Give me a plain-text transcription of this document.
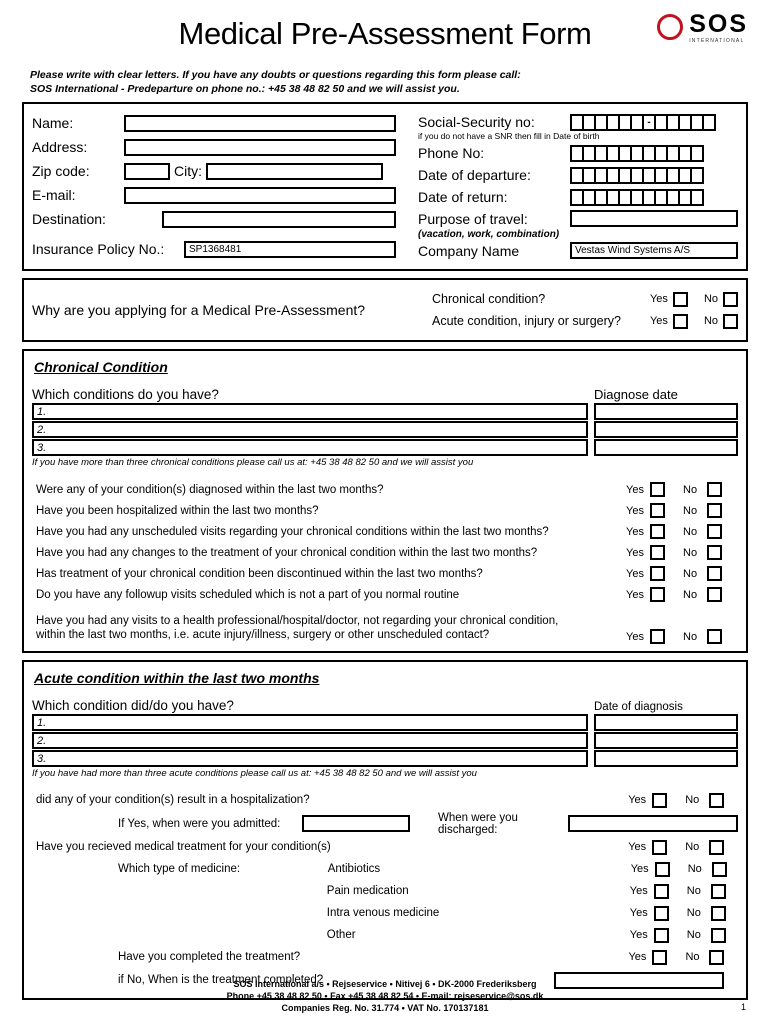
Medical Pre-Assessment Form	SOS
INTERNATIONAL
Please write with clear letters. If you have any doubts or questions regarding this form please call:
SOS International - Predeparture on phone no.: +45 38 48 82 50 and we will assist you.
Name:
Address:
Zip code:	City:
E-mail:
Destination:
Insurance Policy No.:	SP1368481
Social-Security no:	-
if you do not have a SNR then fill in Date of birth
Phone No:
Date of departure:
Date of return:
Purpose of travel:
(vacation, work, combination)
Company Name	Vestas Wind Systems A/S
Why are you applying for a Medical Pre-Assessment?
Chronical condition?	Yes	No
Acute condition, injury or surgery?	Yes	No
Chronical Condition
Which conditions do you have?	Diagnose date
1.
2.
3.
If you have more than three chronical conditions please call us at: +45 38 48 82 50 and we will assist you
Were any of your condition(s) diagnosed within the last two months?	Yes	No
Have you been hospitalized within the last two months?	Yes	No
Have you had any unscheduled visits regarding your chronical conditions within the last two months?	Yes	No
Have you had any changes to the treatment of your chronical condition within the last two months?	Yes	No
Has treatment of your chronical condition been discontinued within the last two months?	Yes	No
Do you have any followup visits scheduled which is not a part of you normal routine	Yes	No
Have you had any visits to a health professional/hospital/doctor, not regarding your chronical condition,
within the last two months, i.e. acute injury/illness, surgery or other unscheduled contact?	Yes	No
Acute condition within the last two months
Which condition did/do you have?	Date of diagnosis
1.
2.
3.
If you have had more than three acute conditions please call us at: +45 38 48 82 50 and we will assist you
did any of your condition(s) result in a hospitalization?	Yes	No
If Yes, when were you admitted:	When were you discharged:
Have you recieved medical treatment for your condition(s)	Yes	No
Which type of medicine:	Antibiotics	Yes	No
Pain medication	Yes	No
Intra venous medicine	Yes	No
Other	Yes	No
Have you completed the treatment?	Yes	No
if No, When is the treatment completed?
SOS International a/s • Rejseservice • Nitivej 6 • DK-2000 Frederiksberg
Phone +45 38 48 82 50 • Fax +45 38 48 82 54 • E-mail: rejseservice@sos.dk
Companies Reg. No. 31.774 • VAT No. 170137181	1
